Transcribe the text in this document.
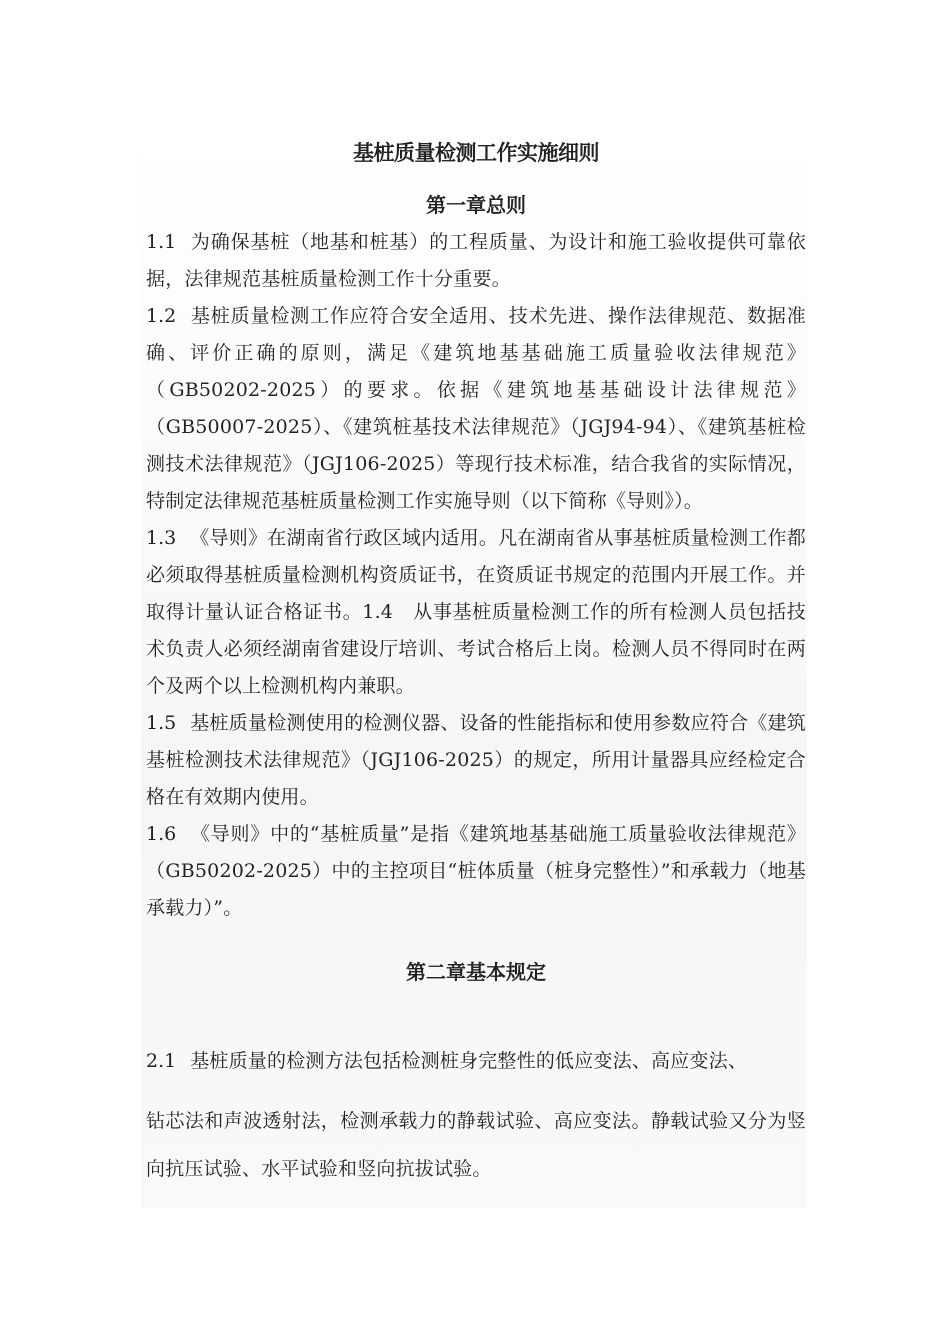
基桩质量检测工作实施细则
第一章总则

1.1 为确保基桩（地基和桩基）的工程质量、为设计和施工验收提供可靠依据，法律规范基桩质量检测工作十分重要。

1.2 基桩质量检测工作应符合安全适用、技术先进、操作法律规范、数据准确、评价正确的原则，满足《建筑地基基础施工质量验收法律规范》（GB50202-2025）的要求。依据《建筑地基基础设计法律规范》（GB50007-2025）、《建筑桩基技术法律规范》（JGJ94-94）、《建筑基桩检测技术法律规范》（JGJ106-2025）等现行技术标准，结合我省的实际情况，特制定法律规范基桩质量检测工作实施导则（以下简称《导则》）。

1.3 《导则》在湖南省行政区域内适用。凡在湖南省从事基桩质量检测工作都必须取得基桩质量检测机构资质证书，在资质证书规定的范围内开展工作。并取得计量认证合格证书。1.4　从事基桩质量检测工作的所有检测人员包括技术负责人必须经湖南省建设厅培训、考试合格后上岗。检测人员不得同时在两个及两个以上检测机构内兼职。

1.5 基桩质量检测使用的检测仪器、设备的性能指标和使用参数应符合《建筑基桩检测技术法律规范》（JGJ106-2025）的规定，所用计量器具应经检定合格在有效期内使用。

1.6 《导则》中的“基桩质量”是指《建筑地基基础施工质量验收法律规范》（GB50202-2025）中的主控项目“桩体质量（桩身完整性）”和承载力（地基承载力）”。

第二章基本规定

2.1 基桩质量的检测方法包括检测桩身完整性的低应变法、高应变法、

钻芯法和声波透射法，检测承载力的静载试验、高应变法。静载试验又分为竖向抗压试验、水平试验和竖向抗拔试验。
